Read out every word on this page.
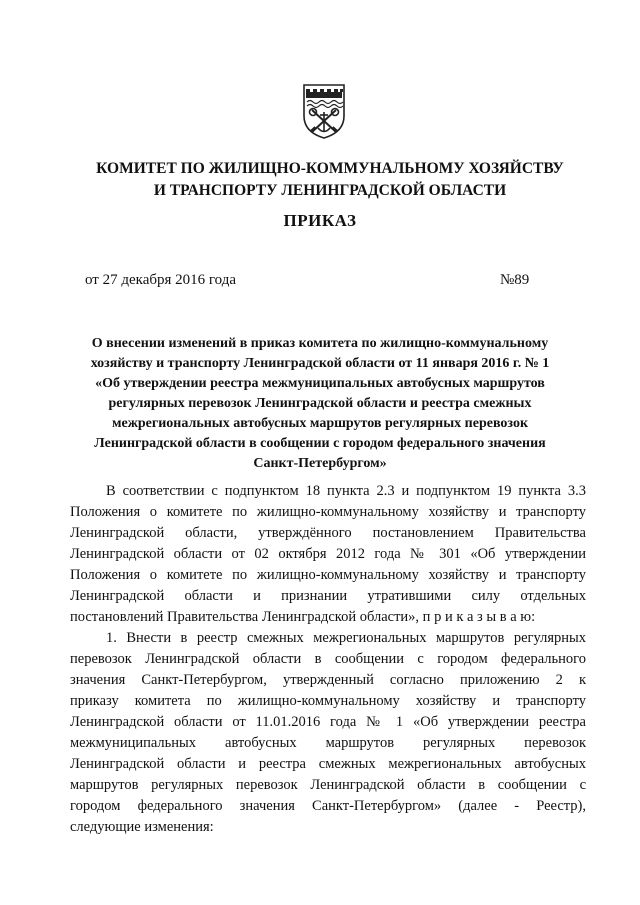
КОМИТЕТ ПО ЖИЛИЩНО-КОММУНАЛЬНОМУ ХОЗЯЙСТВУ
И ТРАНСПОРТУ ЛЕНИНГРАДСКОЙ ОБЛАСТИ
ПРИКАЗ
от 27 декабря 2016 года	№89
О внесении изменений в приказ комитета по жилищно-коммунальному
хозяйству и транспорту Ленинградской области от 11 января 2016 г. № 1
«Об утверждении реестра межмуниципальных автобусных маршрутов
регулярных перевозок Ленинградской области и реестра смежных
межрегиональных автобусных маршрутов регулярных перевозок
Ленинградской области в сообщении с городом федерального значения
Санкт-Петербургом»
В соответствии с подпунктом 18 пункта 2.3 и подпунктом 19 пункта 3.3
Положения о комитете по жилищно-коммунальному хозяйству и транспорту
Ленинградской области, утверждённого постановлением Правительства
Ленинградской области от 02 октября 2012 года № 301 «Об утверждении
Положения о комитете по жилищно-коммунальному хозяйству и транспорту
Ленинградской области и признании утратившими силу отдельных
постановлений Правительства Ленинградской области», п р и к а з ы в а ю:
1. Внести в реестр смежных межрегиональных маршрутов регулярных
перевозок Ленинградской области в сообщении с городом федерального
значения Санкт-Петербургом, утвержденный согласно приложению 2 к
приказу комитета по жилищно-коммунальному хозяйству и транспорту
Ленинградской области от 11.01.2016 года № 1 «Об утверждении реестра
межмуниципальных автобусных маршрутов регулярных перевозок
Ленинградской области и реестра смежных межрегиональных автобусных
маршрутов регулярных перевозок Ленинградской области в сообщении с
городом федерального значения Санкт-Петербургом» (далее - Реестр),
следующие изменения:
